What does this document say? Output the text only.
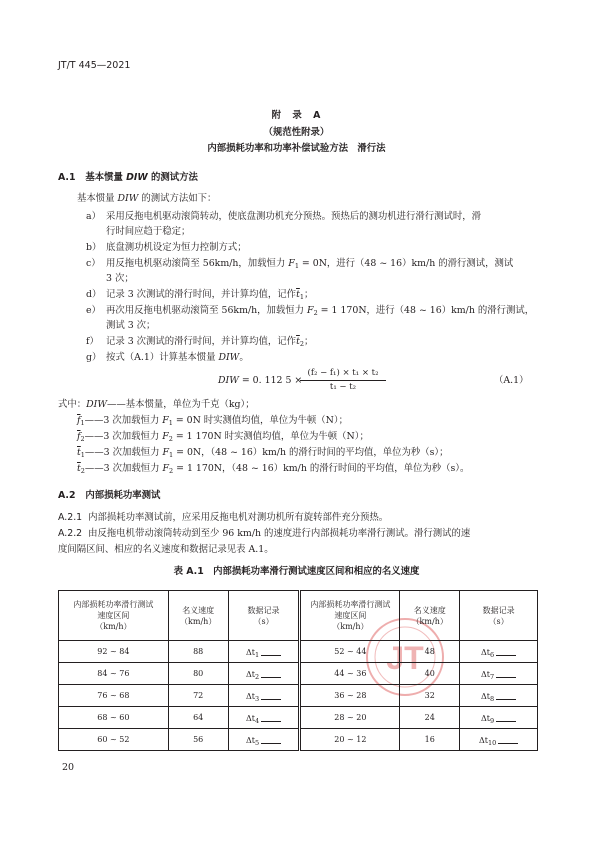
JT/T 445—2021
附　录　A
（规范性附录）
内部损耗功率和功率补偿试验方法　滑行法
A.1 基本惯量 DIW 的测试方法
基本惯量 DIW 的测试方法如下：
a） 采用反拖电机驱动滚筒转动，使底盘测功机充分预热。预热后的测功机进行滑行测试时，滑
行时间应趋于稳定；
b） 底盘测功机设定为恒力控制方式；
c） 用反拖电机驱动滚筒至 56km/h，加载恒力 $F_1 = 0N$，进行（48 ~ 16）km/h 的滑行测试，测试
3 次；
d） 记录 3 次测试的滑行时间，并计算均值，记作$\overline{t}_1$；
e） 再次用反拖电机驱动滚筒至 56km/h，加载恒力 $F_2 = 1$ 170N，进行（48 ~ 16）km/h 的滑行测试，
测试 3 次；
f） 记录 3 次测试的滑行时间，并计算均值，记作$\overline{t}_2$；
g） 按式（A.1）计算基本惯量 DIW。
DIW = 0. 112 5 ×
(f₂ − f₁) × t₁ × t₂
t₁ − t₂
（A.1）
式中：DIW——基本惯量，单位为千克（kg）；
$\overline{f}_1——3$ 次加载恒力 $F_1 = 0N$ 时实测值均值，单位为牛顿（N）；
$\overline{f}_2——3$ 次加载恒力 $F_2 = 1$ 170N 时实测值均值，单位为牛顿（N）；
$\overline{t}_1——3$ 次加载恒力 $F_1 = 0N$，（48 ~ 16）km/h 的滑行时间的平均值，单位为秒（s）；
$\overline{t}_2——3$ 次加载恒力 $F_2 = 1$ 170N，（48 ~ 16）km/h 的滑行时间的平均值，单位为秒（s）。
A.2 内部损耗功率测试
A.2.1 内部损耗功率测试前，应采用反拖电机对测功机所有旋转部件充分预热。
A.2.2 由反拖电机带动滚筒转动到至少 96 km/h 的速度进行内部损耗功率滑行测试。滑行测试的速
度间隔区间、相应的名义速度和数据记录见表 A.1。
表 A.1　内部损耗功率滑行测试速度区间和相应的名义速度
JT
内部损耗功率滑行测试
速度区间
（km/h）	名义速度
（km/h）	数据记录
（s）	内部损耗功率滑行测试
速度区间
（km/h）	名义速度
（km/h）	数据记录
（s）
92 ~ 84	88	$\Delta t_1$	52 ~ 44	48	$\Delta t_6$
84 ~ 76	80	$\Delta t_2$	44 ~ 36	40	$\Delta t_7$
76 ~ 68	72	$\Delta t_3$	36 ~ 28	32	$\Delta t_8$
68 ~ 60	64	$\Delta t_4$	28 ~ 20	24	$\Delta t_9$
60 ~ 52	56	$\Delta t_5$	20 ~ 12	16	$\Delta t_{10}$
20
